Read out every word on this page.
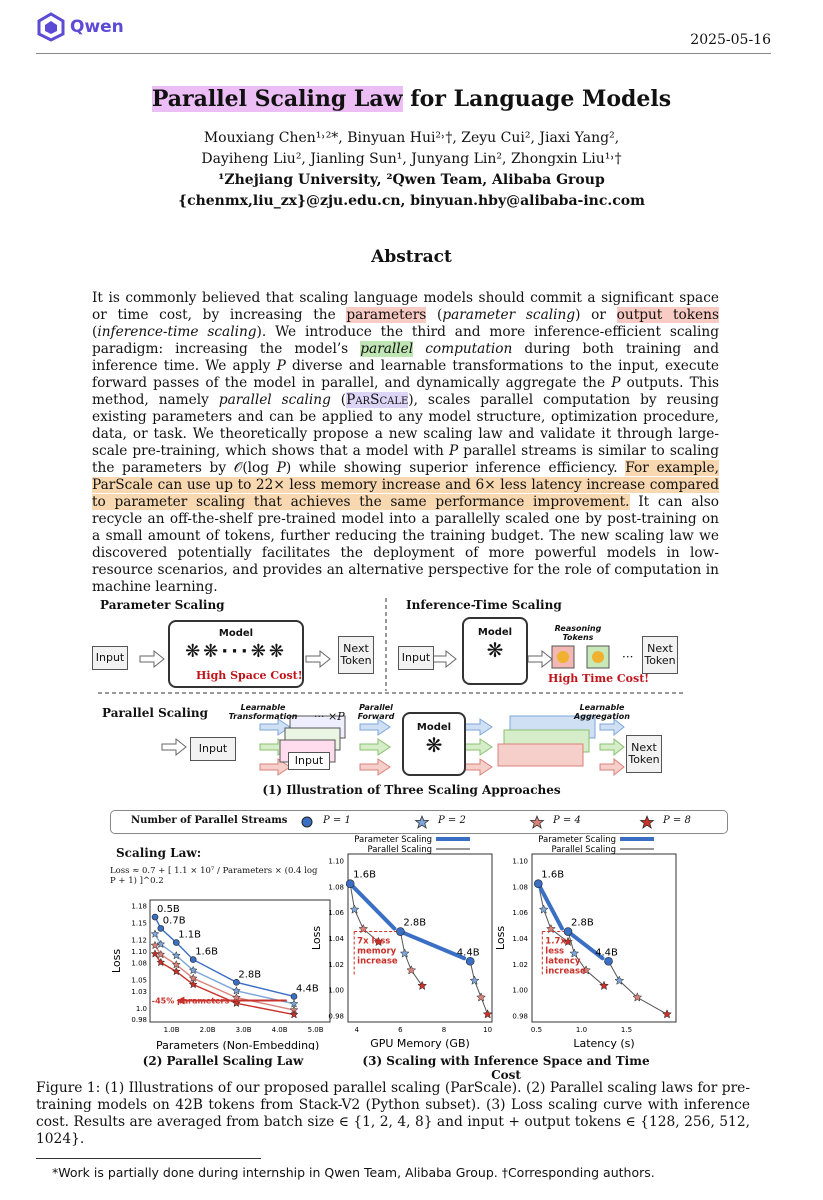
Qwen
2025-05-16
Parallel Scaling Law for Language Models
Mouxiang Chen¹˒²*, Binyuan Hui²˒†, Zeyu Cui², Jiaxi Yang²,
Dayiheng Liu², Jianling Sun¹, Junyang Lin², Zhongxin Liu¹˒†
¹Zhejiang University, ²Qwen Team, Alibaba Group
{chenmx,liu_zx}@zju.edu.cn, binyuan.hby@alibaba-inc.com
Abstract
It is commonly believed that scaling language models should commit a significant space or time cost, by increasing the parameters (parameter scaling) or output tokens (inference-time scaling). We introduce the third and more inference-efficient scaling paradigm: increasing the model’s parallel computation during both training and inference time. We apply P diverse and learnable transformations to the input, execute forward passes of the model in parallel, and dynamically aggregate the P outputs. This method, namely parallel scaling (ParScale), scales parallel computation by reusing existing parameters and can be applied to any model structure, optimization procedure, data, or task. We theoretically propose a new scaling law and validate it through large-scale pre-training, which shows that a model with P parallel streams is similar to scaling the parameters by 𝒪(log P) while showing superior inference efficiency. For example, ParScale can use up to 22× less memory increase and 6× less latency increase compared to parameter scaling that achieves the same performance improvement. It can also recycle an off-the-shelf pre-trained model into a parallelly scaled one by post-training on a small amount of tokens, further reducing the training budget. The new scaling law we discovered potentially facilitates the deployment of more powerful models in low-resource scenarios, and provides an alternative perspective for the role of computation in machine learning.
Parameter Scaling	Inference-Time Scaling
Input
Model
❋❋···❋❋
High Space Cost!
Next Token	Input
Model
❋
Reasoning Tokens
···
Next Token
High Time Cost!
Parallel Scaling	Learnable Transformation ··· ×P
Parallel Forward
Learnable Aggregation
Input
Input
Model
❋	Next Token
(1) Illustration of Three Scaling Approaches
Number of Parallel Streams	P = 1	P = 2	P = 4	P = 8
Scaling Law:
Loss ≈ 0.7 + [ 1.1 × 10⁷ / Parameters × (0.4 log P + 1) ]^0.2
0.98
1.0
1.03
1.05
1.08
1.10
1.12
1.15
1.18
1.0B	2.0B	3.0B	4.0B	5.0B
Parameters (Non-Embedding)
Loss
0.5B
0.7B
1.1B
1.6B
2.8B
4.4B
-45% parameters
(2) Parallel Scaling Law
Parameter Scaling
Parallel Scaling
0.98
1.00
1.02
1.04
1.06
1.08
1.10
4	6	8	10
GPU Memory (GB)
Loss
1.6B
2.8B
4.4B
7x less
memory
increase
Parameter Scaling
Parallel Scaling
0.98
1.00
1.02
1.04
1.06
1.08
1.10
0.5	1.0	1.5
Latency (s)
Loss
1.6B
2.8B
4.4B
1.7x
less
latency
increase
(3) Scaling with Inference Space and Time Cost
Figure 1: (1) Illustrations of our proposed parallel scaling (ParScale). (2) Parallel scaling laws for pre-training models on 42B tokens from Stack-V2 (Python subset). (3) Loss scaling curve with inference cost. Results are averaged from batch size ∈ {1, 2, 4, 8} and input + output tokens ∈ {128, 256, 512, 1024}.
*Work is partially done during internship in Qwen Team, Alibaba Group. †Corresponding authors.
